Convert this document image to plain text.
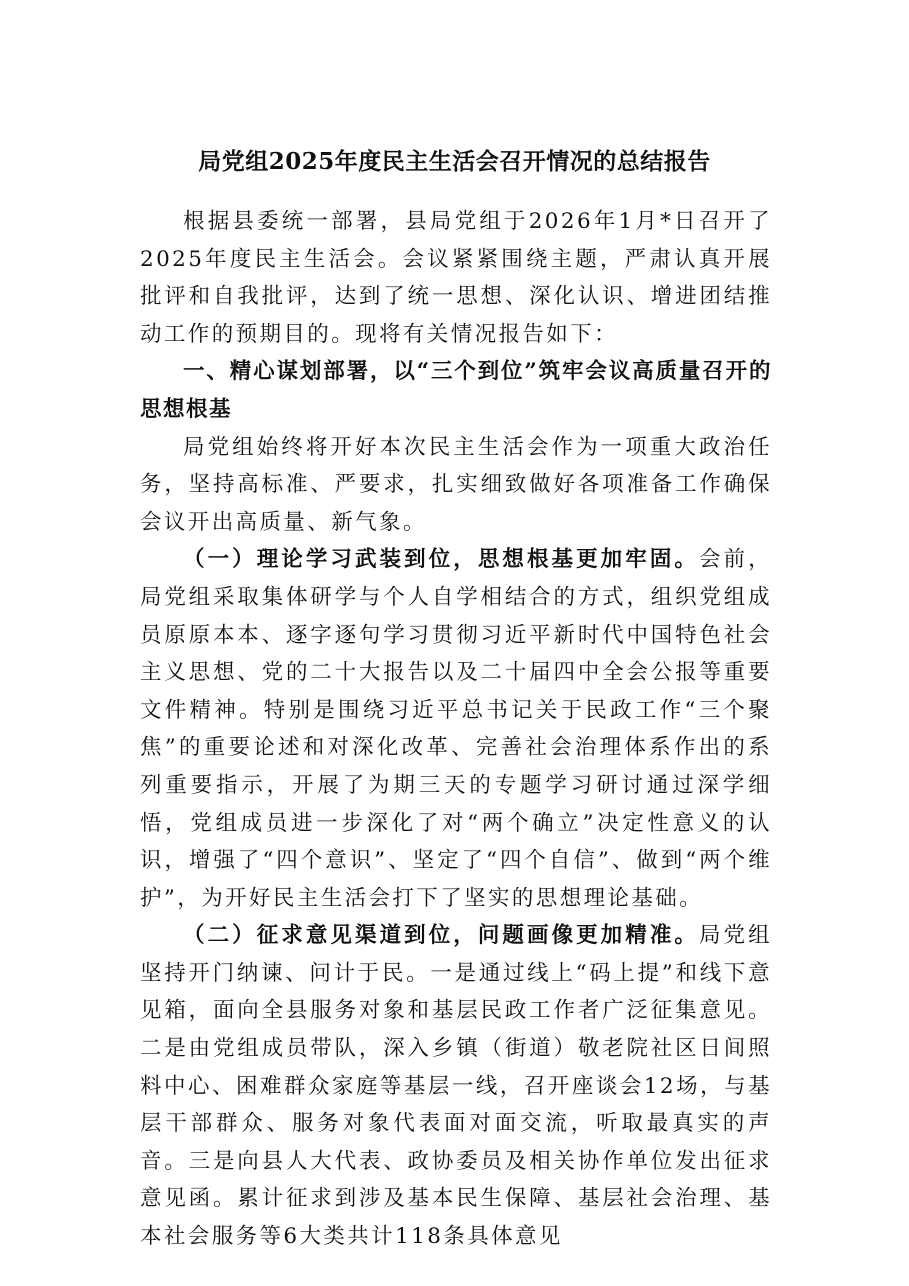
局党组2025年度民主生活会召开情况的总结报告

根据县委统一部署，县局党组于2026年1月*日召开了2025年度民主生活会。会议紧紧围绕主题，严肃认真开展批评和自我批评，达到了统一思想、深化认识、增进团结推动工作的预期目的。现将有关情况报告如下：

一、精心谋划部署，以“三个到位”筑牢会议高质量召开的思想根基

局党组始终将开好本次民主生活会作为一项重大政治任务，坚持高标准、严要求，扎实细致做好各项准备工作确保会议开出高质量、新气象。

（一）理论学习武装到位，思想根基更加牢固。会前，局党组采取集体研学与个人自学相结合的方式，组织党组成员原原本本、逐字逐句学习贯彻习近平新时代中国特色社会主义思想、党的二十大报告以及二十届四中全会公报等重要文件精神。特别是围绕习近平总书记关于民政工作“三个聚焦”的重要论述和对深化改革、完善社会治理体系作出的系列重要指示，开展了为期三天的专题学习研讨通过深学细悟，党组成员进一步深化了对“两个确立”决定性意义的认识，增强了“四个意识”、坚定了“四个自信”、做到“两个维护”，为开好民主生活会打下了坚实的思想理论基础。

（二）征求意见渠道到位，问题画像更加精准。局党组坚持开门纳谏、问计于民。一是通过线上“码上提”和线下意见箱，面向全县服务对象和基层民政工作者广泛征集意见。二是由党组成员带队，深入乡镇（街道）敬老院社区日间照料中心、困难群众家庭等基层一线，召开座谈会12场，与基层干部群众、服务对象代表面对面交流，听取最真实的声音。三是向县人大代表、政协委员及相关协作单位发出征求意见函。累计征求到涉及基本民生保障、基层社会治理、基本社会服务等6大类共计118条具体意见
